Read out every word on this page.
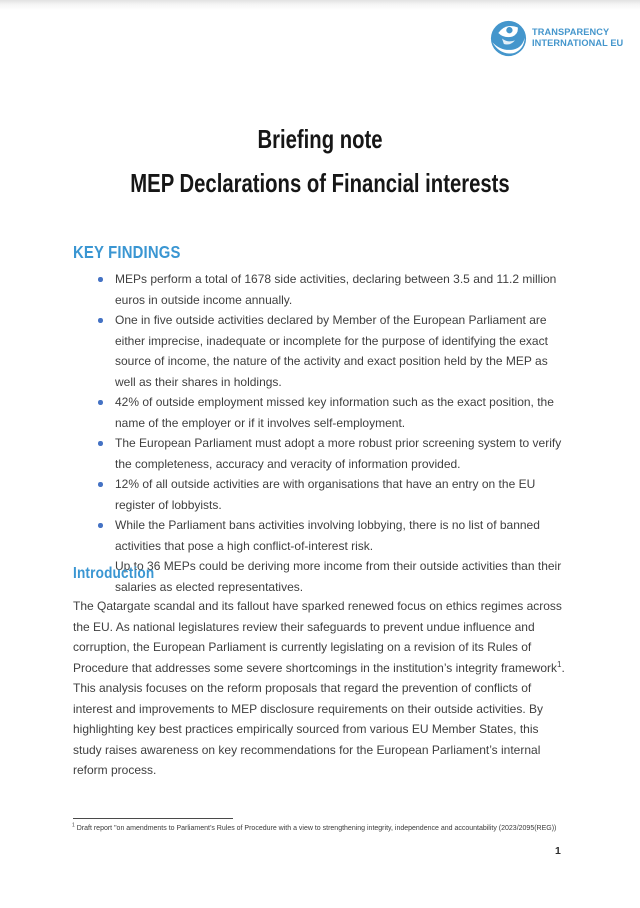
TRANSPARENCY
INTERNATIONAL EU
Briefing note
MEP Declarations of Financial interests
KEY FINDINGS
MEPs perform a total of 1678 side activities, declaring between 3.5 and 11.2 million euros in outside income annually.
One in five outside activities declared by Member of the European Parliament are either imprecise, inadequate or incomplete for the purpose of identifying the exact source of income, the nature of the activity and exact position held by the MEP as well as their shares in holdings.
42% of outside employment missed key information such as the exact position, the name of the employer or if it involves self-employment.
The European Parliament must adopt a more robust prior screening system to verify the completeness, accuracy and veracity of information provided.
12% of all outside activities are with organisations that have an entry on the EU register of lobbyists.
While the Parliament bans activities involving lobbying, there is no list of banned activities that pose a high conflict-of-interest risk.
Up to 36 MEPs could be deriving more income from their outside activities than their salaries as elected representatives.
Introduction

The Qatargate scandal and its fallout have sparked renewed focus on ethics regimes across the EU. As national legislatures review their safeguards to prevent undue influence and corruption, the European Parliament is currently legislating on a revision of its Rules of Procedure that addresses some severe shortcomings in the institution’s integrity framework$^1$. This analysis focuses on the reform proposals that regard the prevention of conflicts of interest and improvements to MEP disclosure requirements on their outside activities. By highlighting key best practices empirically sourced from various EU Member States, this study raises awareness on key recommendations for the European Parliament’s internal reform process.

$^1$ Draft report "on amendments to Parliament’s Rules of Procedure with a view to strengthening integrity, independence and accountability (2023/2095(REG))
1
